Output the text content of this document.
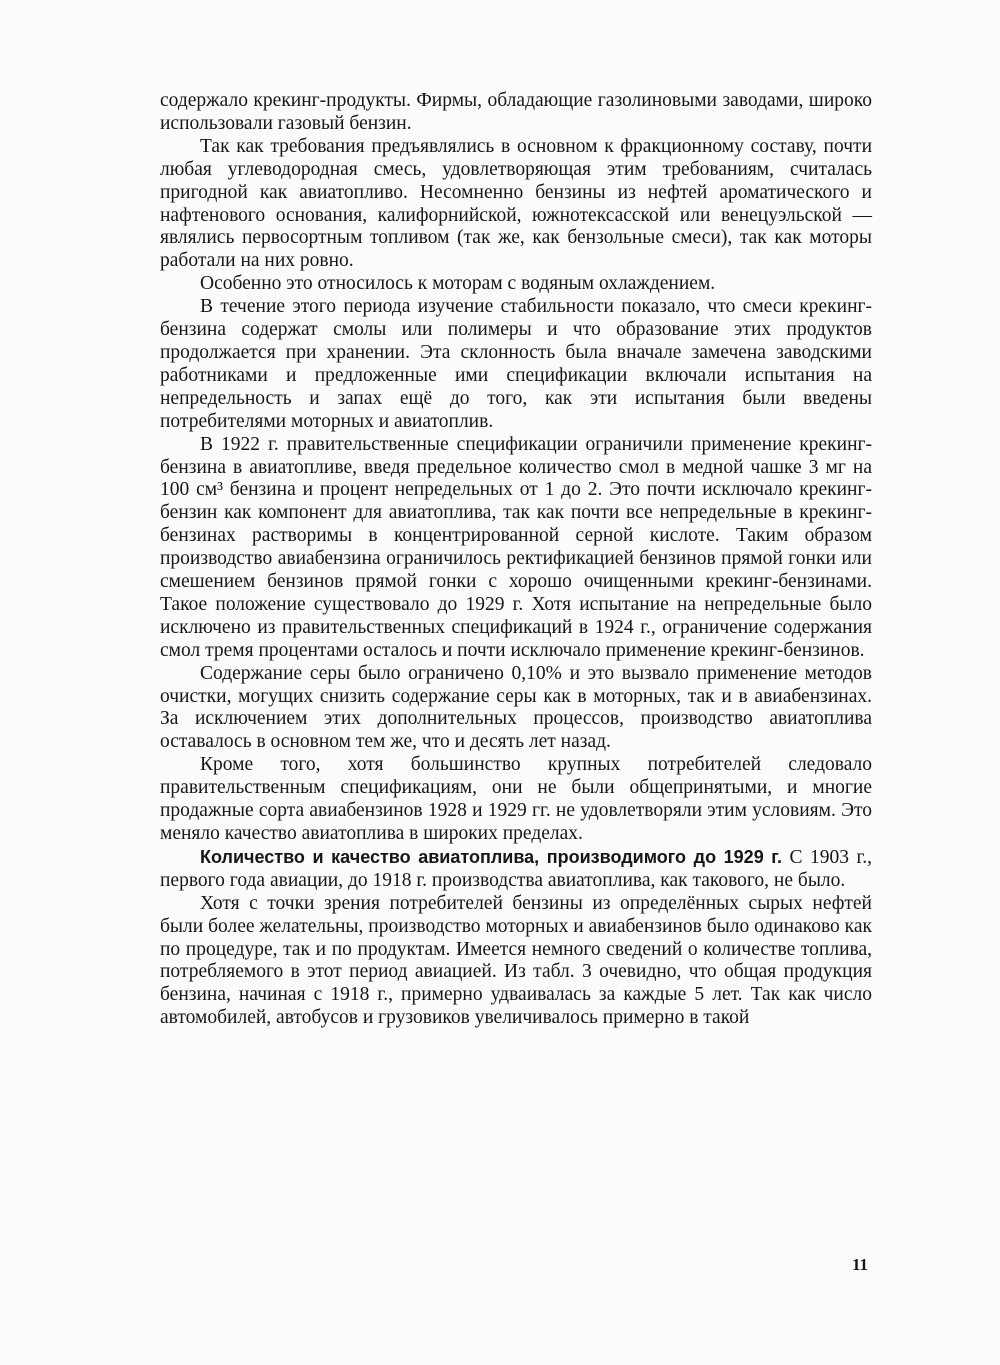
содержало крекинг-продукты. Фирмы, обладающие газолиновыми заводами, широко использовали газовый бензин.

Так как требования предъявлялись в основном к фракционному составу, почти любая углеводородная смесь, удовлетворяющая этим требованиям, считалась пригодной как авиатопливо. Несомненно бензины из нефтей ароматического и нафтенового основания, калифорнийской, южнотексасской или венецуэльской — являлись первосортным топливом (так же, как бензольные смеси), так как моторы работали на них ровно.

Особенно это относилось к моторам с водяным охлаждением.

В течение этого периода изучение стабильности показало, что смеси крекинг-бензина содержат смолы или полимеры и что образование этих продуктов продолжается при хранении. Эта склонность была вначале замечена заводскими работниками и предложенные ими спецификации включали испытания на непредельность и запах ещё до того, как эти испытания были введены потребителями моторных и авиатоплив.

В 1922 г. правительственные спецификации ограничили применение крекинг-бензина в авиатопливе, введя предельное количество смол в медной чашке 3 мг на 100 см³ бензина и процент непредельных от 1 до 2. Это почти исключало крекинг-бензин как компонент для авиатоплива, так как почти все непредельные в крекинг-бензинах растворимы в концентрированной серной кислоте. Таким образом производство авиабензина ограничилось ректификацией бензинов прямой гонки или смешением бензинов прямой гонки с хорошо очищенными крекинг-бензинами. Такое положение существовало до 1929 г. Хотя испытание на непредельные было исключено из правительственных спецификаций в 1924 г., ограничение содержания смол тремя процентами осталось и почти исключало применение крекинг-бензинов.

Содержание серы было ограничено 0,10% и это вызвало применение методов очистки, могущих снизить содержание серы как в моторных, так и в авиабензинах. За исключением этих дополнительных процессов, производство авиатоплива оставалось в основном тем же, что и десять лет назад.

Кроме того, хотя большинство крупных потребителей следовало правительственным спецификациям, они не были общепринятыми, и многие продажные сорта авиабензинов 1928 и 1929 гг. не удовлетворяли этим условиям. Это меняло качество авиатоплива в широких пределах.

Количество и качество авиатоплива, производимого до 1929 г. С 1903 г., первого года авиации, до 1918 г. производства авиатоплива, как такового, не было.

Хотя с точки зрения потребителей бензины из определённых сырых нефтей были более желательны, производство моторных и авиабензинов было одинаково как по процедуре, так и по продуктам. Имеется немного сведений о количестве топлива, потребляемого в этот период авиацией. Из табл. 3 очевидно, что общая продукция бензина, начиная с 1918 г., примерно удваивалась за каждые 5 лет. Так как число автомобилей, автобусов и грузовиков увеличивалось примерно в такой

11
